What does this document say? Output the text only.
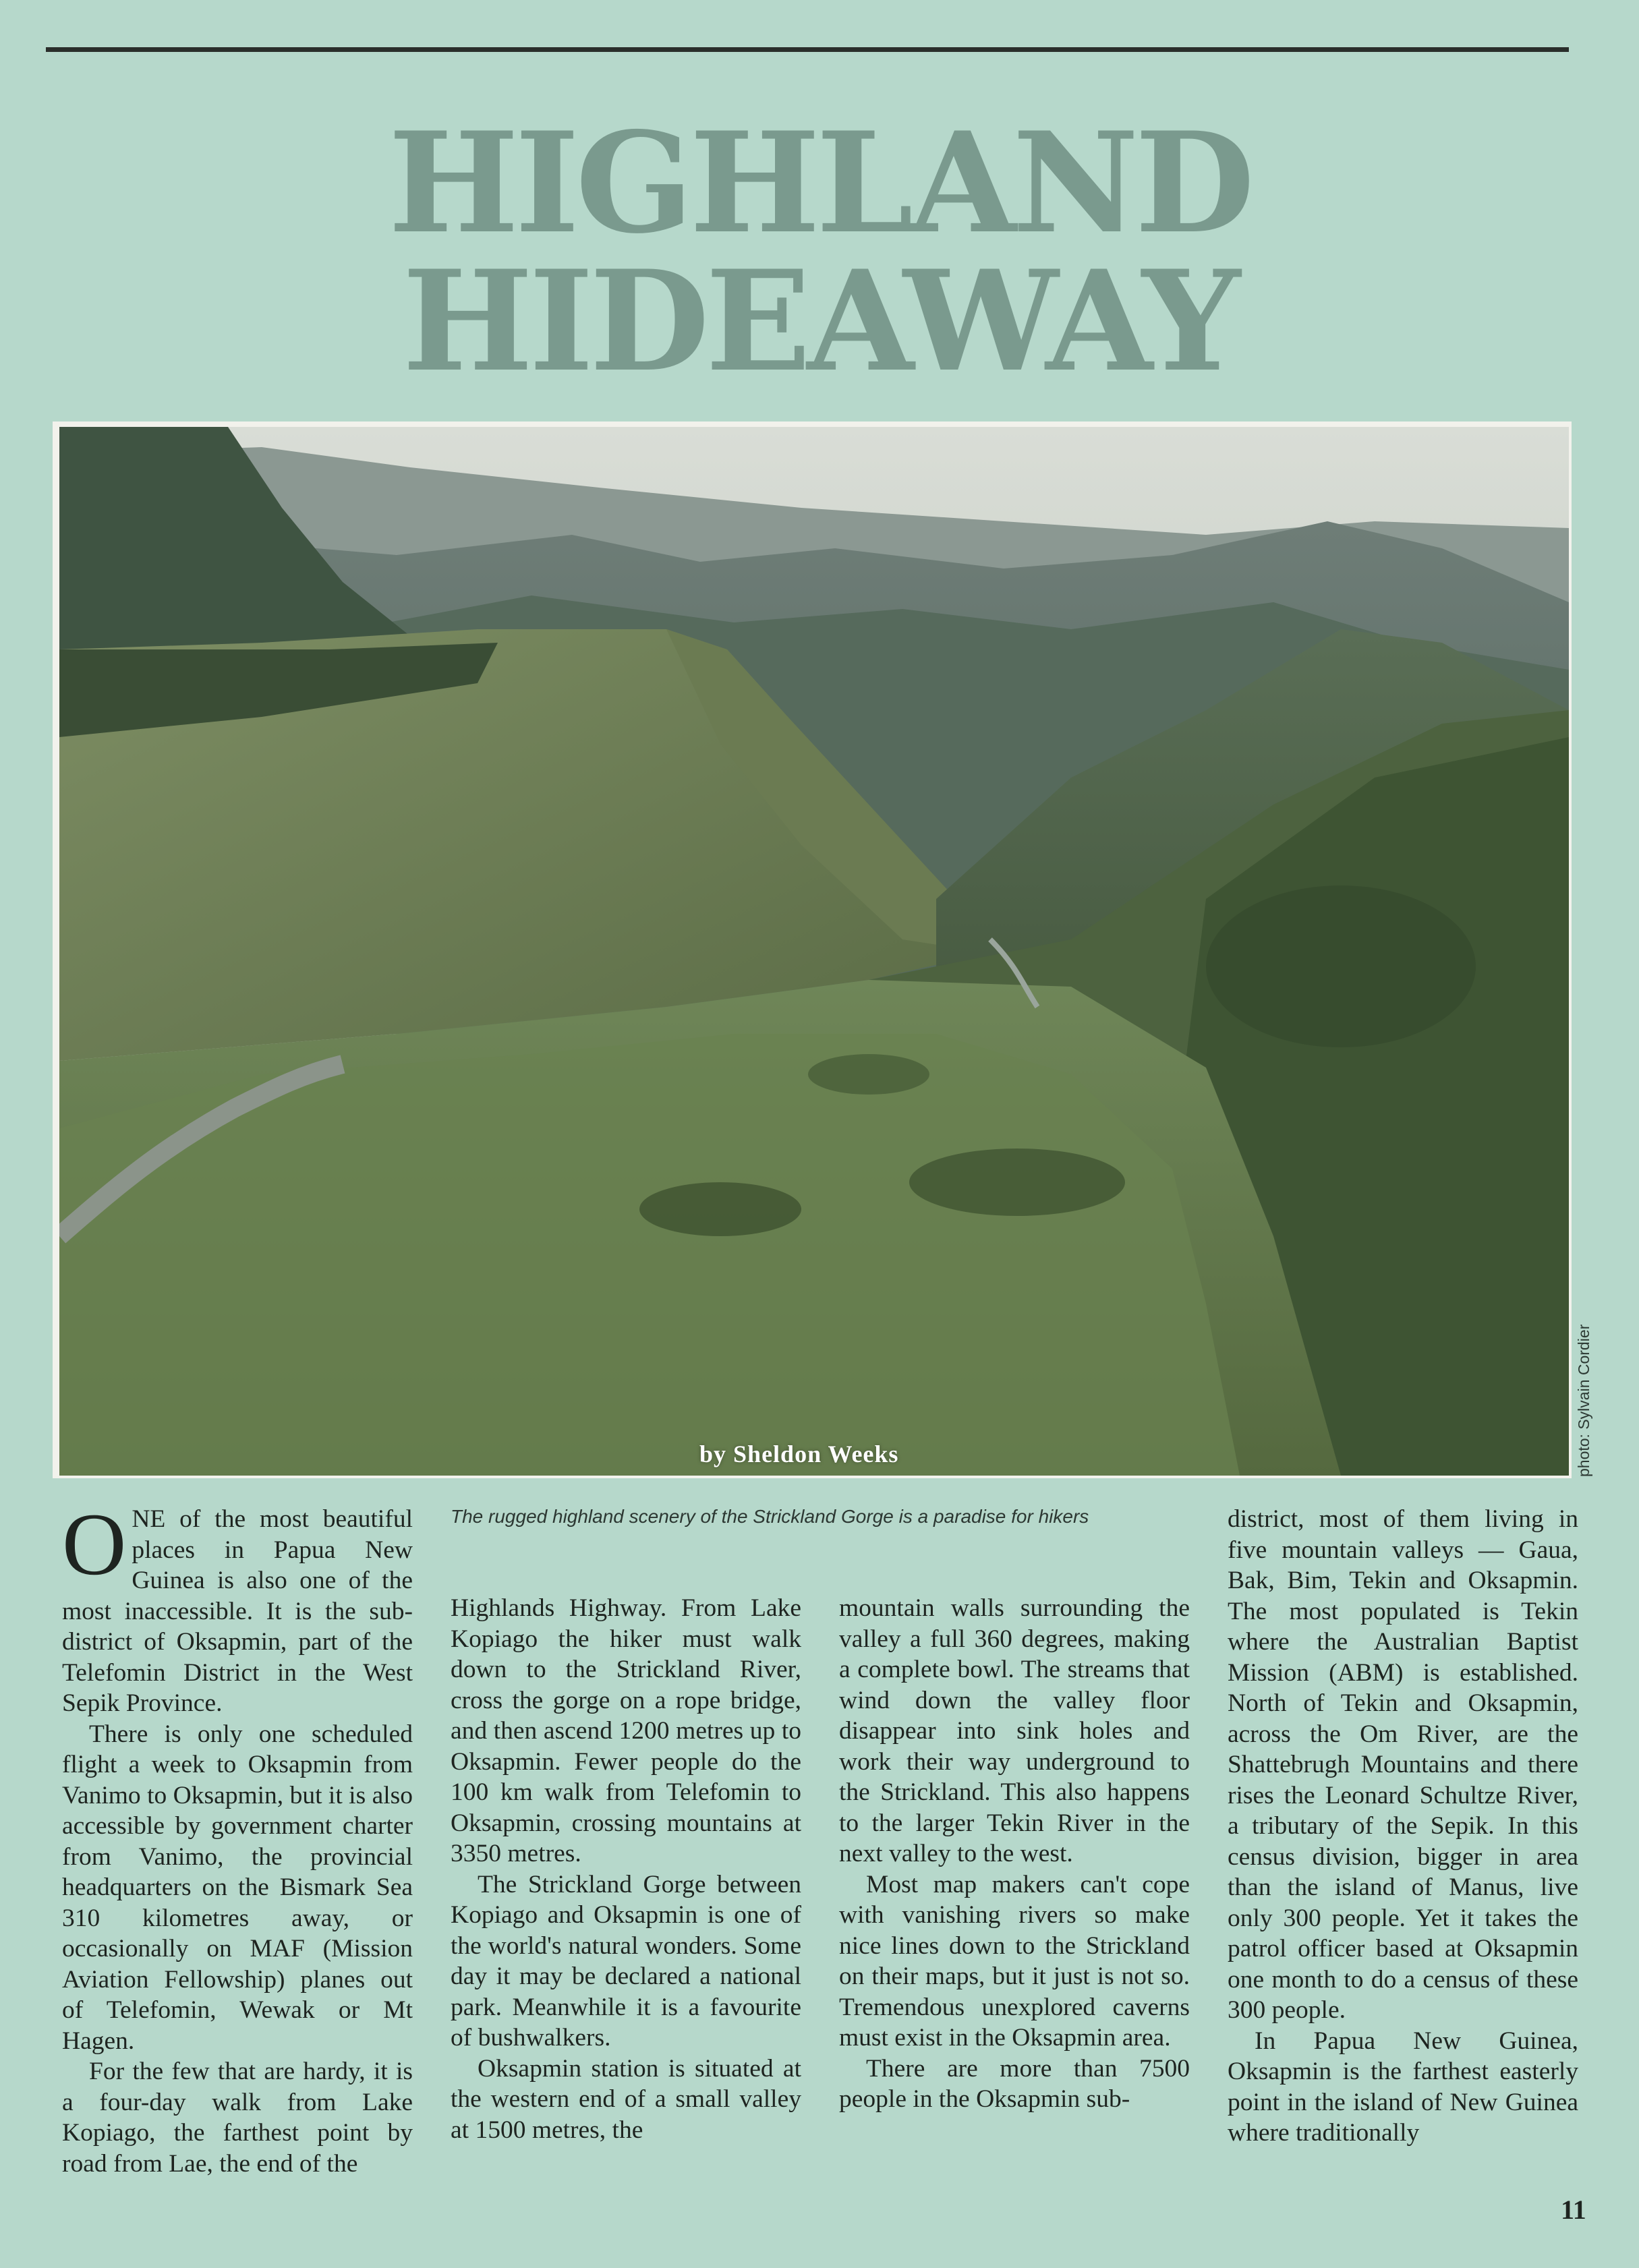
HIGHLAND
HIDEAWAY
by Sheldon Weeks	photo: Sylvain Cordier
The rugged highland scenery of the Strickland Gorge is a paradise for hikers

ONE of the most beautiful places in Papua New Guinea is also one of the most inaccessible. It is the sub-district of Oksapmin, part of the Telefomin District in the West Sepik Province.

There is only one scheduled flight a week to Oksapmin from Vanimo to Oksapmin, but it is also accessible by government charter from Vanimo, the provincial headquarters on the Bismark Sea 310 kilometres away, or occasionally on MAF (Mission Aviation Fellowship) planes out of Telefomin, Wewak or Mt Hagen.

For the few that are hardy, it is a four-day walk from Lake Kopiago, the farthest point by road from Lae, the end of the

Highlands Highway. From Lake Kopiago the hiker must walk down to the Strickland River, cross the gorge on a rope bridge, and then ascend 1200 metres up to Oksapmin. Fewer people do the 100 km walk from Telefomin to Oksapmin, crossing mountains at 3350 metres.

The Strickland Gorge between Kopiago and Oksapmin is one of the world's natural wonders. Some day it may be declared a national park. Meanwhile it is a favourite of bushwalkers.

Oksapmin station is situated at the western end of a small valley at 1500 metres, the

mountain walls surrounding the valley a full 360 degrees, making a complete bowl. The streams that wind down the valley floor disappear into sink holes and work their way underground to the Strickland. This also happens to the larger Tekin River in the next valley to the west.

Most map makers can't cope with vanishing rivers so make nice lines down to the Strickland on their maps, but it just is not so. Tremendous unexplored caverns must exist in the Oksapmin area.

There are more than 7500 people in the Oksapmin sub-

district, most of them living in five mountain valleys — Gaua, Bak, Bim, Tekin and Oksapmin. The most populated is Tekin where the Australian Baptist Mission (ABM) is established. North of Tekin and Oksapmin, across the Om River, are the Shattebrugh Mountains and there rises the Leonard Schultze River, a tributary of the Sepik. In this census division, bigger in area than the island of Manus, live only 300 people. Yet it takes the patrol officer based at Oksapmin one month to do a census of these 300 people.

In Papua New Guinea, Oksapmin is the farthest easterly point in the island of New Guinea where traditionally

11
